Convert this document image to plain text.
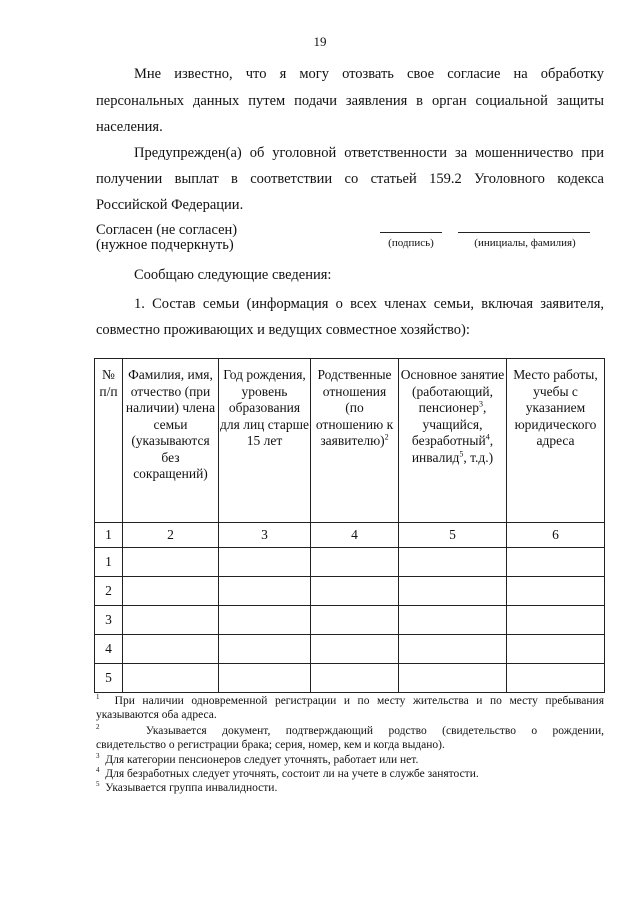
19
Мне известно, что я могу отозвать свое согласие на обработку
персональных данных путем подачи заявления в орган социальной защиты
населения.
Предупрежден(а) об уголовной ответственности за мошенничество при
получении выплат в соответствии со статьей 159.2 Уголовного кодекса
Российской Федерации.
Согласен (не согласен)
(нужное подчеркнуть)	(подпись)	(инициалы, фамилия)
Сообщаю следующие сведения:
1. Состав семьи (информация о всех членах семьи, включая заявителя,
совместно проживающих и ведущих совместное хозяйство):
№ п/п	Фамилия, имя, отчество (при наличии) члена семьи (указываются без сокращений)	Год рождения, уровень образования для лиц старше 15 лет	Родственные отношения (по отношению к заявителю)$^2$	Основное занятие (работающий, пенсионер$^3$, учащийся, безработный$^4$, инвалид$^5$, т.д.)	Место работы, учебы с указанием юридического адреса

1	2	3	4	5	6
1					
2					
3					
4					
5					
$^1$ При наличии одновременной регистрации и по месту жительства и по месту пребывания
указываются оба адреса.
$^2$	Указывается документ, подтверждающий родство (свидетельство о рождении,
свидетельство о регистрации брака; серия, номер, кем и когда выдано).
$^3$ Для категории пенсионеров следует уточнять, работает или нет.
$^4$ Для безработных следует уточнять, состоит ли на учете в службе занятости.
$^5$ Указывается группа инвалидности.
